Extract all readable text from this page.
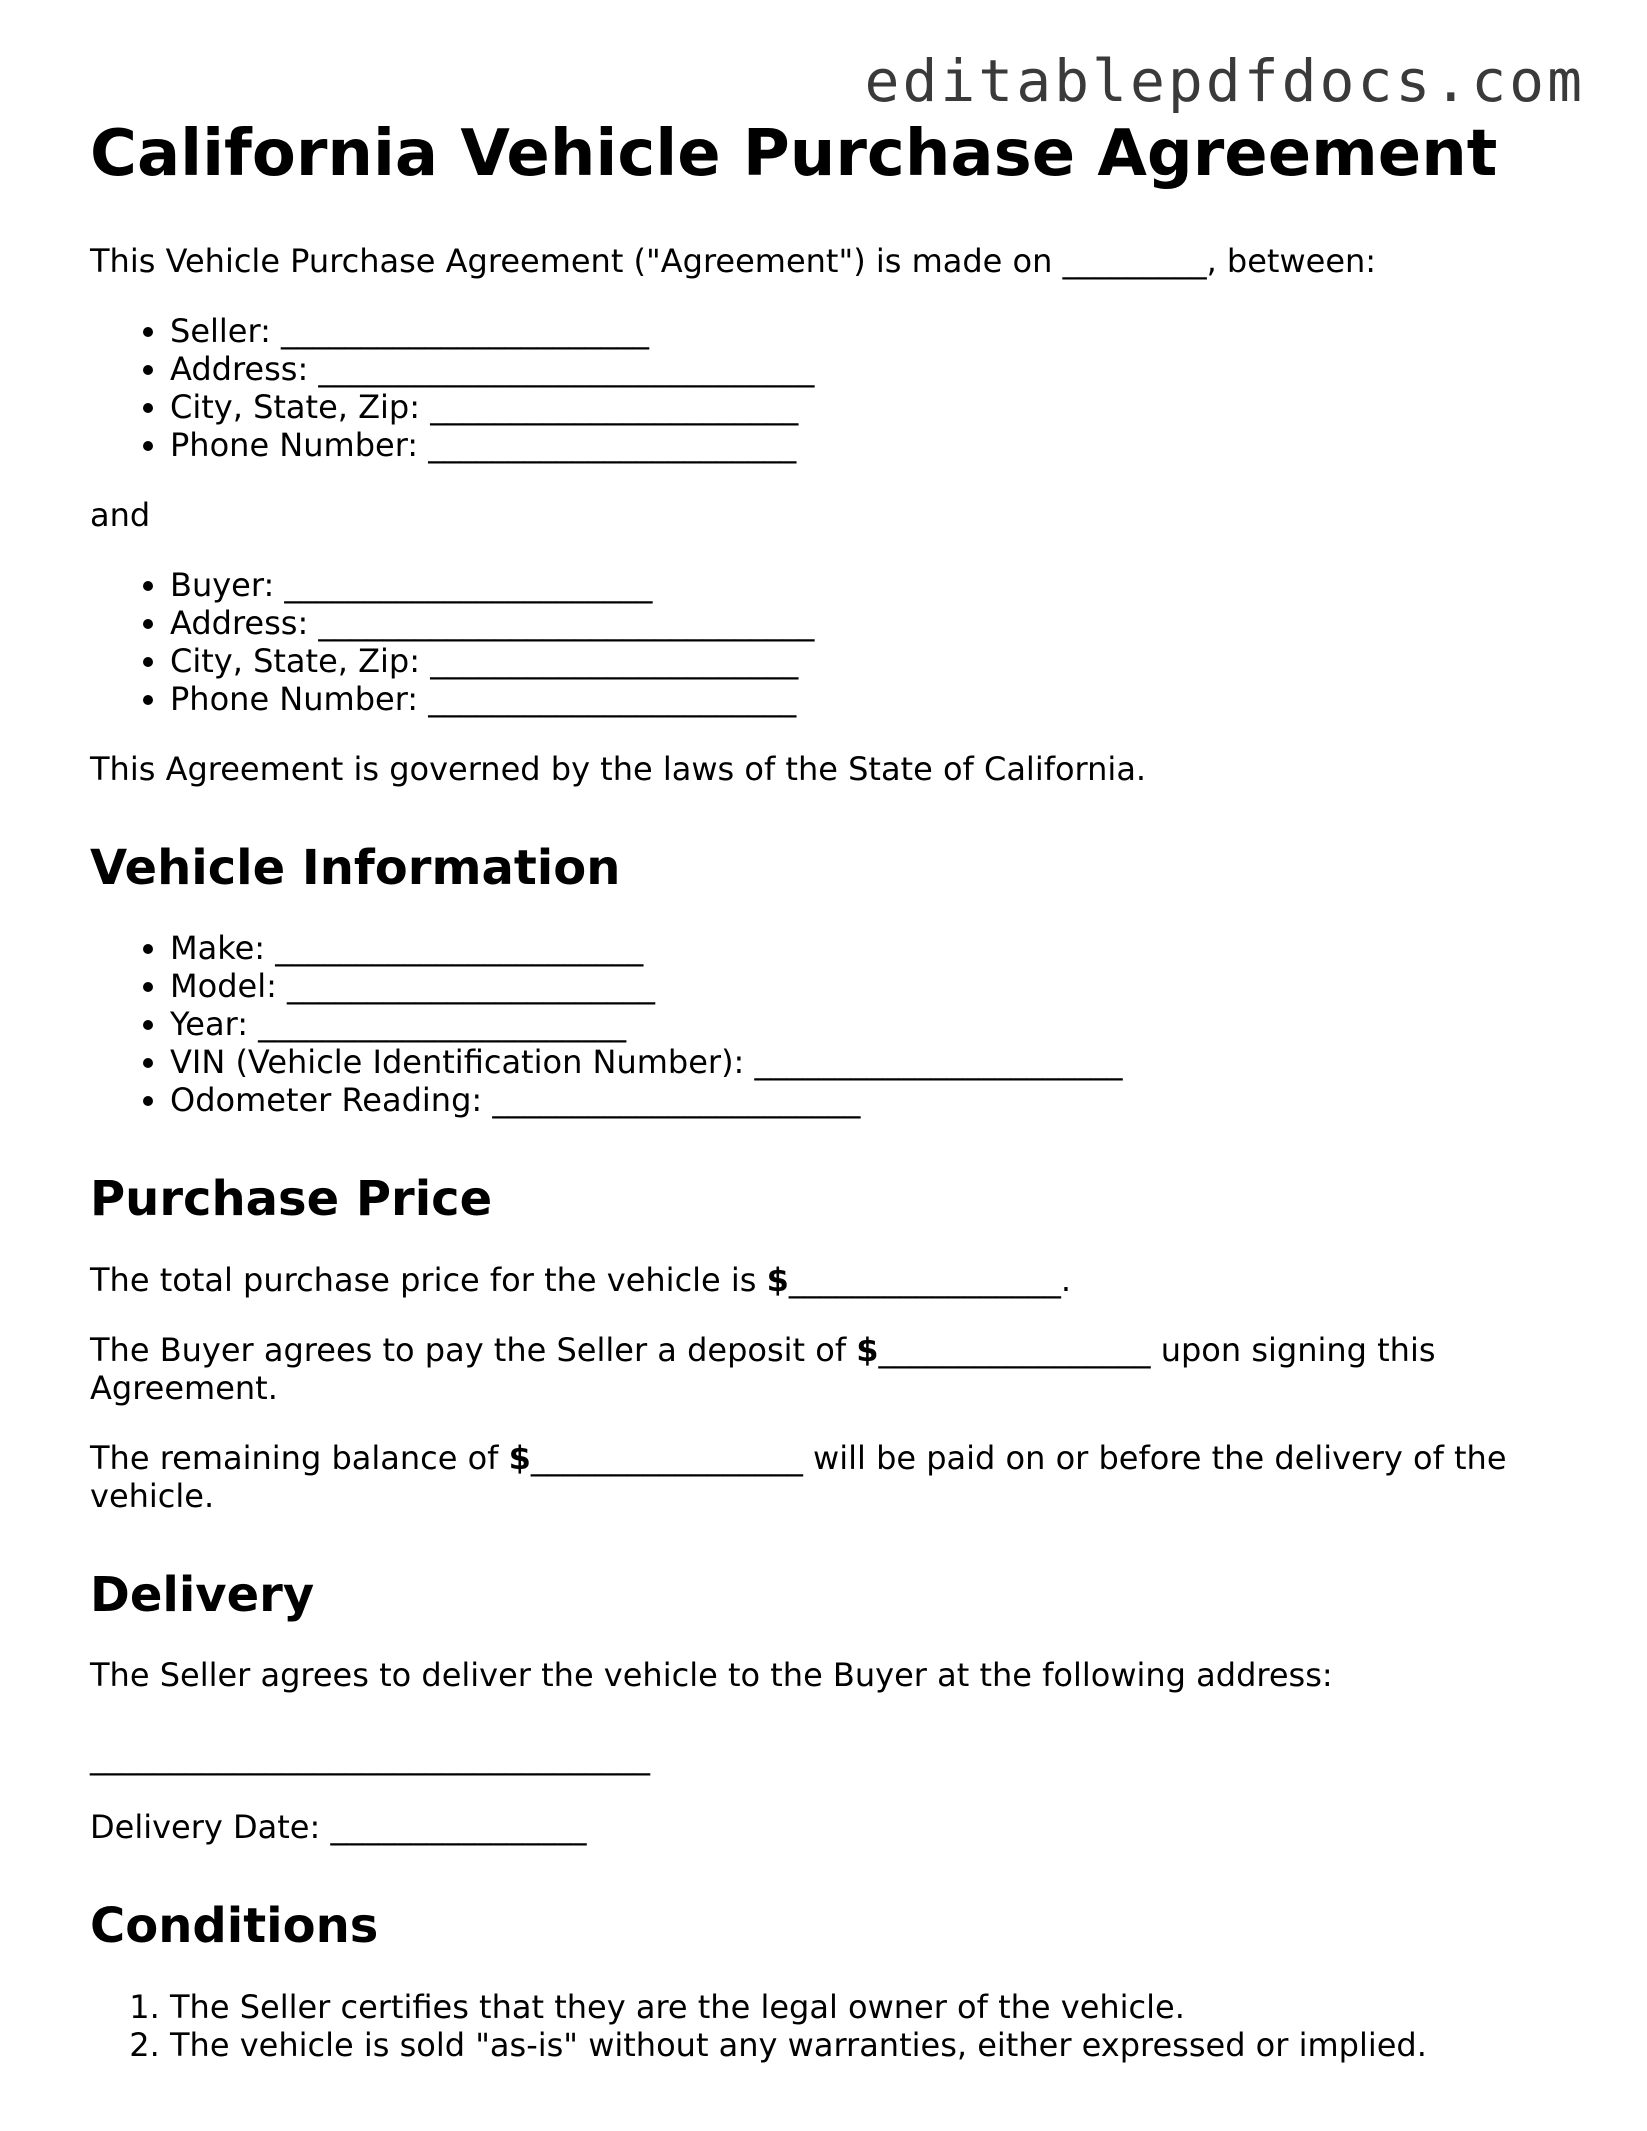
editablepdfdocs.com
California Vehicle Purchase Agreement

This Vehicle Purchase Agreement ("Agreement") is made on _________, between:

• Seller: _______________________
• Address: _______________________________
• City, State, Zip: _______________________
• Phone Number: _______________________

and

• Buyer: _______________________
• Address: _______________________________
• City, State, Zip: _______________________
• Phone Number: _______________________

This Agreement is governed by the laws of the State of California.

Vehicle Information
• Make: _______________________
• Model: _______________________
• Year: _______________________
• VIN (Vehicle Identification Number): _______________________
• Odometer Reading: _______________________
Purchase Price

The total purchase price for the vehicle is $_________________.

The Buyer agrees to pay the Seller a deposit of $_________________ upon signing this Agreement.

The remaining balance of $_________________ will be paid on or before the delivery of the vehicle.

Delivery

The Seller agrees to deliver the vehicle to the Buyer at the following address:

___________________________________

Delivery Date: ________________

Conditions
1. The Seller certifies that they are the legal owner of the vehicle.
2. The vehicle is sold "as-is" without any warranties, either expressed or implied.
